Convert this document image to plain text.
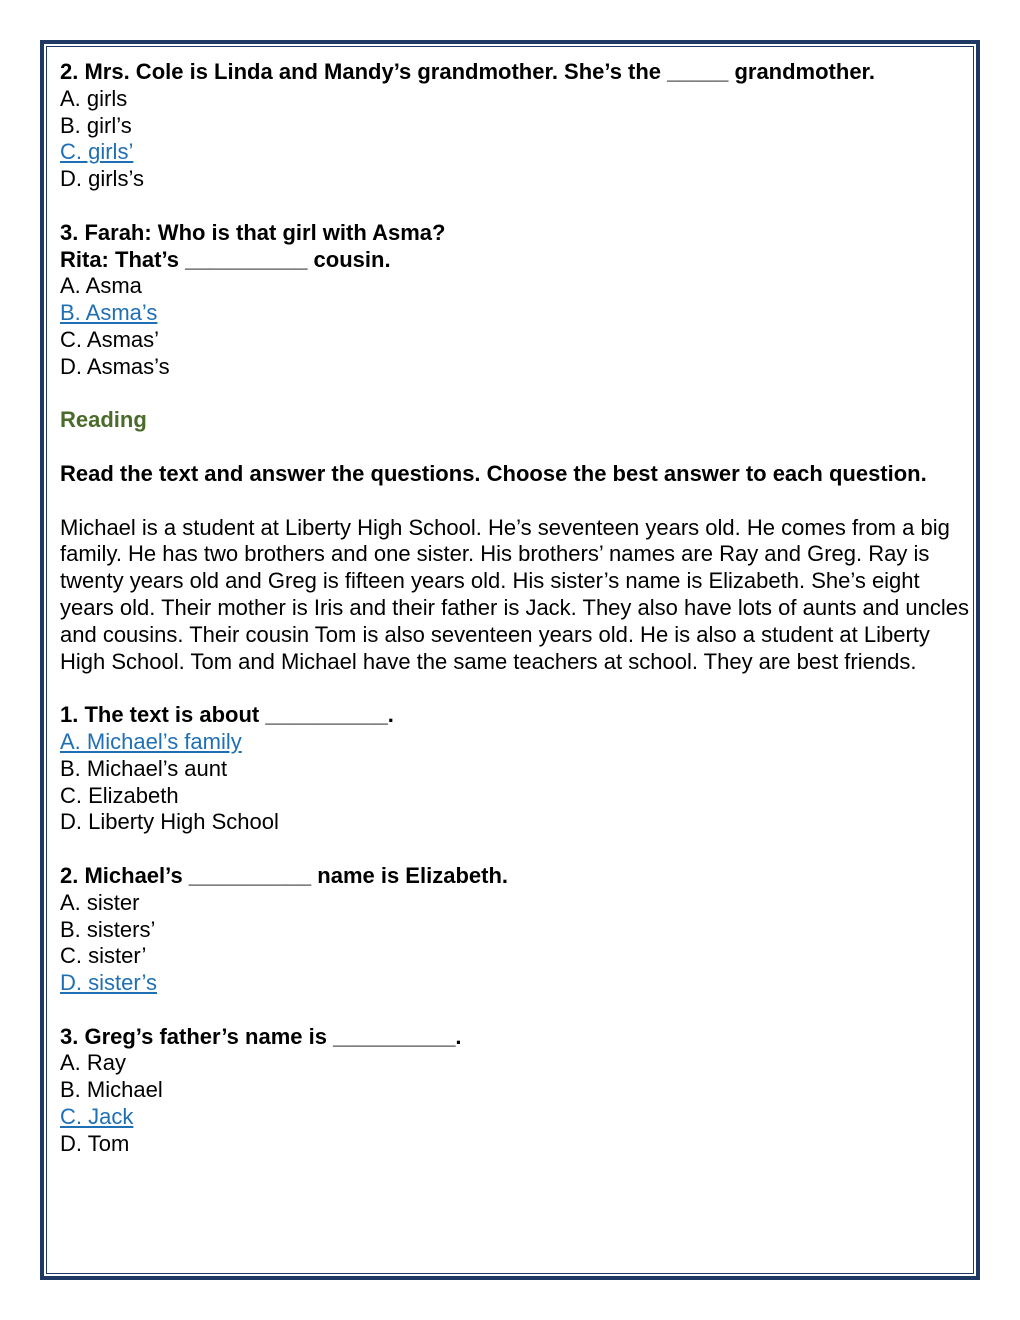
2. Mrs. Cole is Linda and Mandy’s grandmother. She’s the _____ grandmother.

A. girls

B. girl’s

C. girls’

D. girls’s

3. Farah: Who is that girl with Asma?

Rita: That’s __________ cousin.

A. Asma

B. Asma’s

C. Asmas’

D. Asmas’s

Reading

Read the text and answer the questions. Choose the best answer to each question.

Michael is a student at Liberty High School. He’s seventeen years old. He comes from a big family. He has two brothers and one sister. His brothers’ names are Ray and Greg. Ray is twenty years old and Greg is fifteen years old. His sister’s name is Elizabeth. She’s eight years old. Their mother is Iris and their father is Jack. They also have lots of aunts and uncles and cousins. Their cousin Tom is also seventeen years old. He is also a student at Liberty High School. Tom and Michael have the same teachers at school. They are best friends.

1. The text is about __________.

A. Michael’s family

B. Michael’s aunt

C. Elizabeth

D. Liberty High School

2. Michael’s __________ name is Elizabeth.

A. sister

B. sisters’

C. sister’

D. sister’s

3. Greg’s father’s name is __________.

A. Ray

B. Michael

C. Jack

D. Tom
